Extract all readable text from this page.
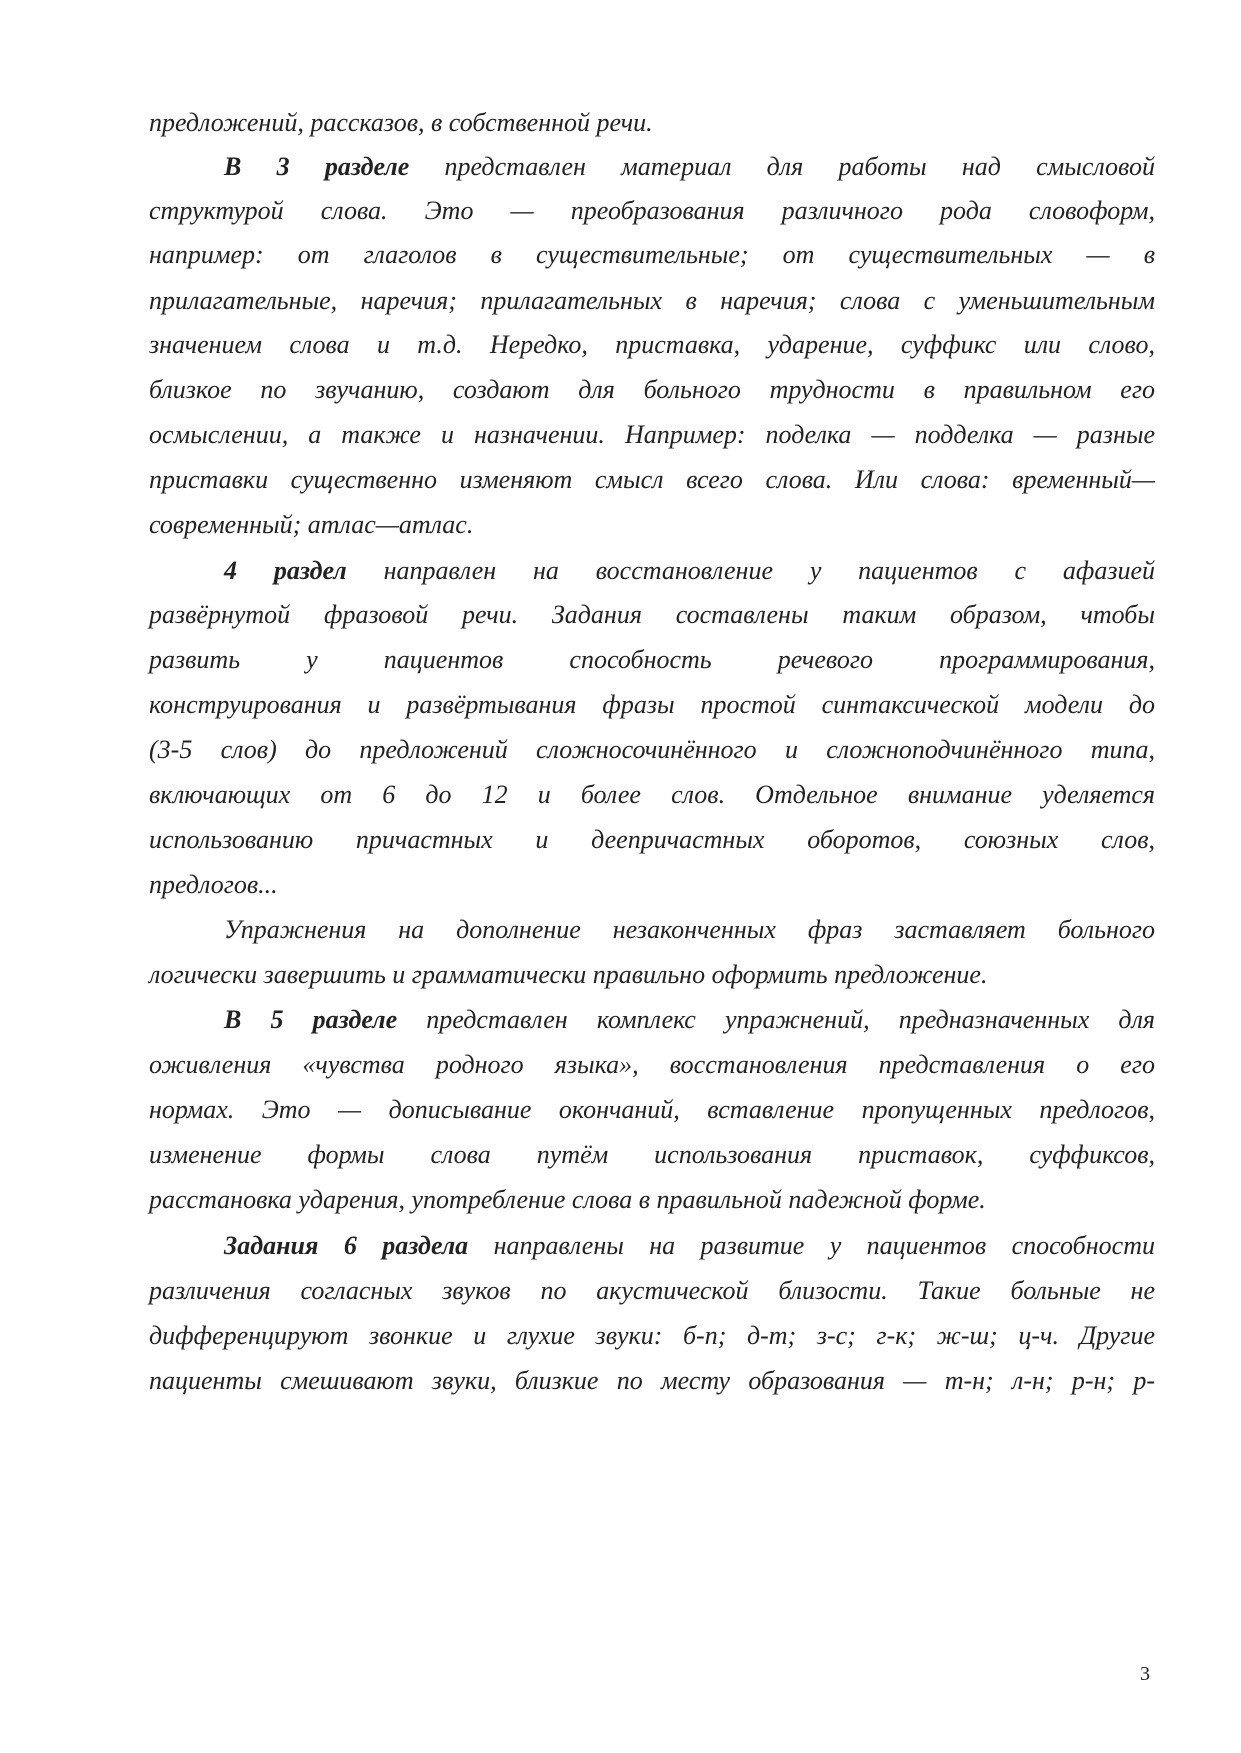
предложений, рассказов, в собственной речи.
В 3 разделе представлен материал для работы над смысловой
структурой слова. Это — преобразования различного рода словоформ,
например: от глаголов в существительные; от существительных — в
прилагательные, наречия; прилагательных в наречия; слова с уменьшительным
значением слова и т.д. Нередко, приставка, ударение, суффикс или слово,
близкое по звучанию, создают для больного трудности в правильном его
осмыслении, а также и назначении. Например: поделка — подделка — разные
приставки существенно изменяют смысл всего слова. Или слова: временный—
современный; атлас—атлас.
4 раздел направлен на восстановление у пациентов с афазией
развёрнутой фразовой речи. Задания составлены таким образом, чтобы
развить у пациентов способность речевого программирования,
конструирования и развёртывания фразы простой синтаксической модели до
(3-5 слов) до предложений сложносочинённого и сложноподчинённого типа,
включающих от 6 до 12 и более слов. Отдельное внимание уделяется
использованию причастных и деепричастных оборотов, союзных слов,
предлогов...
Упражнения на дополнение незаконченных фраз заставляет больного
логически завершить и грамматически правильно оформить предложение.
В 5 разделе представлен комплекс упражнений, предназначенных для
оживления «чувства родного языка», восстановления представления о его
нормах. Это — дописывание окончаний, вставление пропущенных предлогов,
изменение формы слова путём использования приставок, суффиксов,
расстановка ударения, употребление слова в правильной падежной форме.
Задания 6 раздела направлены на развитие у пациентов способности
различения согласных звуков по акустической близости. Такие больные не
дифференцируют звонкие и глухие звуки: б-п; д-т; з-с; г-к; ж-ш; ц-ч. Другие
пациенты смешивают звуки, близкие по месту образования — т-н; л-н; р-н; р-
3
